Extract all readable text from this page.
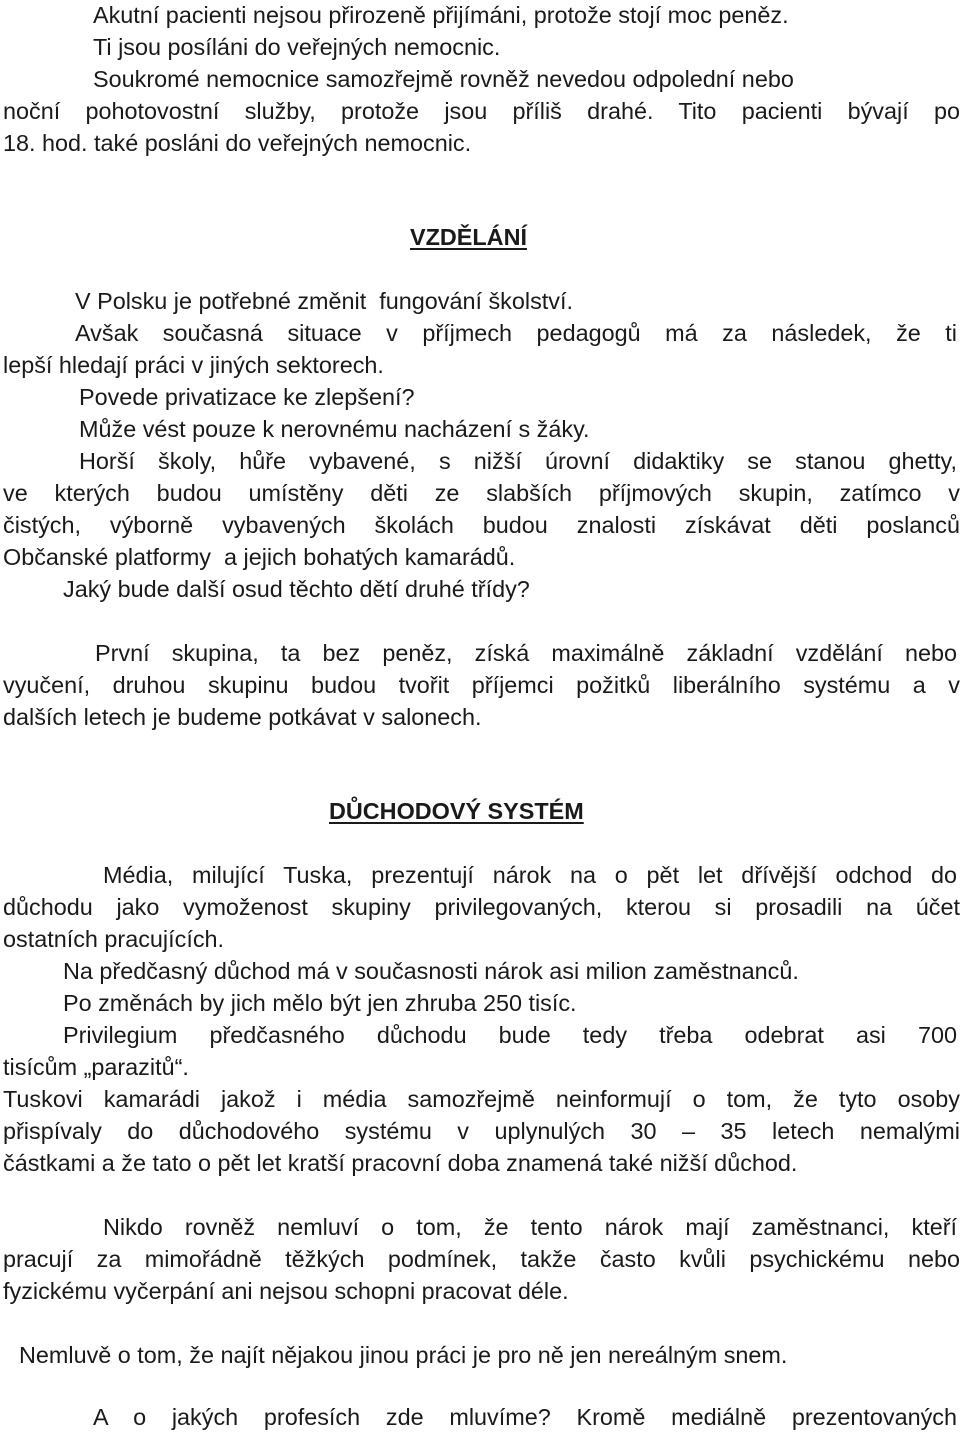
Akutní pacienti nejsou přirozeně přijímáni, protože stojí moc peněz.
Ti jsou posíláni do veřejných nemocnic.
Soukromé nemocnice samozřejmě rovněž nevedou odpolední nebo
noční pohotovostní služby, protože jsou příliš drahé. Tito pacienti bývají po
18. hod. také posláni do veřejných nemocnic.
VZDĚLÁNÍ
V Polsku je potřebné změnit  fungování školství.
Avšak současná situace v příjmech pedagogů má za následek, že ti
lepší hledají práci v jiných sektorech.
Povede privatizace ke zlepšení?
Může vést pouze k nerovnému nacházení s žáky.
Horší školy, hůře vybavené, s nižší úrovní didaktiky se stanou ghetty,
ve kterých budou umístěny děti ze slabších příjmových skupin, zatímco v
čistých, výborně vybavených školách budou znalosti získávat děti poslanců
Občanské platformy  a jejich bohatých kamarádů.
Jaký bude další osud těchto dětí druhé třídy?
První skupina, ta bez peněz, získá maximálně základní vzdělání nebo
vyučení, druhou skupinu budou tvořit příjemci požitků liberálního systému a v
dalších letech je budeme potkávat v salonech.
DŮCHODOVÝ SYSTÉM
Média, milující Tuska, prezentují nárok na o pět let dřívější odchod do
důchodu jako vymoženost skupiny privilegovaných, kterou si prosadili na účet
ostatních pracujících.
Na předčasný důchod má v současnosti nárok asi milion zaměstnanců.
Po změnách by jich mělo být jen zhruba 250 tisíc.
Privilegium předčasného důchodu bude tedy třeba odebrat asi 700
tisícům „parazitů“.
Tuskovi kamarádi jakož i média samozřejmě neinformují o tom, že tyto osoby
přispívaly do důchodového systému v uplynulých 30 – 35 letech nemalými
částkami a že tato o pět let kratší pracovní doba znamená také nižší důchod.
Nikdo rovněž nemluví o tom, že tento nárok mají zaměstnanci, kteří
pracují za mimořádně těžkých podmínek, takže často kvůli psychickému nebo
fyzickému vyčerpání ani nejsou schopni pracovat déle.
Nemluvě o tom, že najít nějakou jinou práci je pro ně jen nereálným snem.
A o jakých profesích zde mluvíme? Kromě mediálně prezentovaných
